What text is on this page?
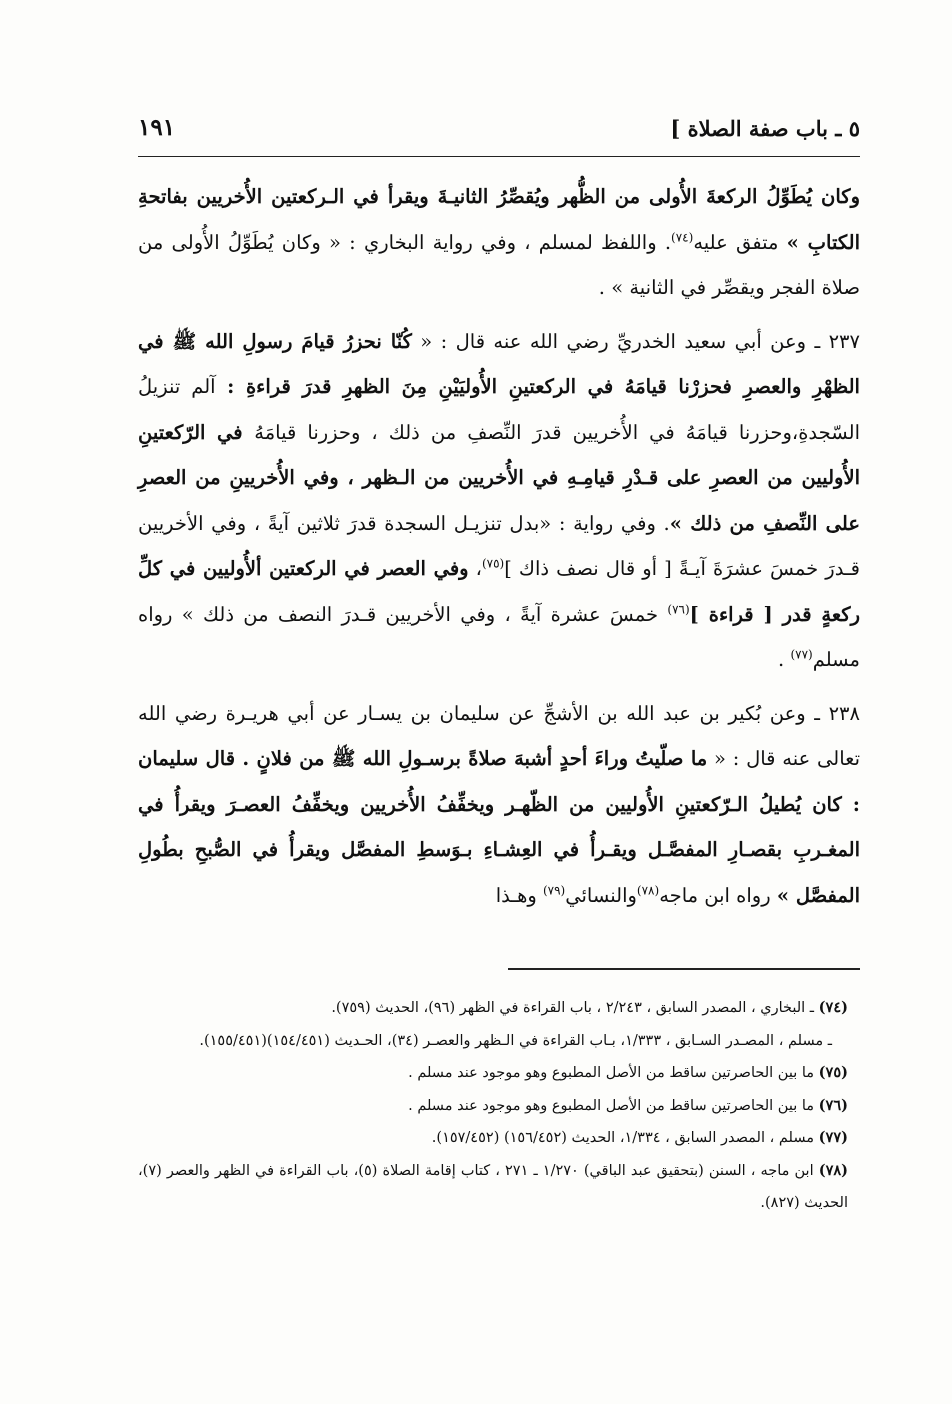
٥ ـ باب صفة الصلاة ]
١٩١

وكان يُطَوِّلُ الركعةَ الأُولى من الظُّهر ويُقصِّرُ الثانيـةَ ويقرأ في الـركعتين الأُخريين بفاتحةِ الكتابِ » متفق عليه$^{(٧٤)}$. واللفظ لمسلم ، وفي رواية البخاري : « وكان يُطَوِّلُ الأُولى من صلاة الفجر ويقصِّر في الثانية » .

٢٣٧ ـ وعن أبي سعيد الخدريِّ رضي الله عنه قال : « كُنّا نحزرُ قيامَ رسولِ الله ﷺ في الظهْرِ والعصرِ فحزرْنا قيامَهُ في الركعتينِ الأُوليَيْنِ مِنَ الظهرِ قدرَ قراءةِ : آلم تنزيلُ السّجدةِ،وحزرنا قيامَهُ في الأُخريين قدرَ النِّصفِ من ذلك ، وحزرنا قيامَهُ في الرّكعتينِ الأُوليين من العصرِ على قـدْرِ قيامِـهِ في الأُخريين من الـظهر ، وفي الأُخريينِ من العصرِ على النِّصفِ من ذلك ». وفي رواية : «بدل تنزيـل السجدة قدرَ ثلاثين آيةً ، وفي الأخريين قـدرَ خمسَ عشرَةَ آيـةً [ أو قال نصف ذاك ]$^{(٧٥)}$، وفي العصر في الركعتين ألأُوليين في كلِّ ركعةٍ قدر [ قراءة ]$^{(٧٦)}$ خمسَ عشرة آيةً ، وفي الأخريين قـدرَ النصف من ذلك » رواه مسلم$^{(٧٧)}$ .

٢٣٨ ـ وعن بُكير بن عبد الله بن الأشجِّ عن سليمان بن يسـار عن أبي هريـرة رضي الله تعالى عنه قال : « ما صلّيتُ وراءَ أحدٍ أشبهَ صلاةً برسـولِ الله ﷺ من فلانٍ . قال سليمان : كان يُطيلُ الـرّكعتينِ الأُوليين من الظّهـر ويخفِّفُ الأُخريين ويخفِّفُ العصـرَ ويقرأُ في المغـربِ بقصـارِ المفصَّـل ويقـرأُ في العِشـاءِ بـوَسطِ المفصَّل ويقرأُ في الصُّبحِ بطُولِ المفصَّل » رواه ابن ماجه$^{(٧٨)}$والنسائي$^{(٧٩)}$ وهـذا

(٧٤) ـ البخاري ، المصدر السابق ، ٢/٢٤٣ ، باب القراءة في الظهر (٩٦)، الحديث (٧٥٩).

ـ مسلم ، المصـدر السـابق ، ١/٣٣٣، بـاب القراءة في الـظهر والعصـر (٣٤)، الحـديث (١٥٤/٤٥١)(١٥٥/٤٥١).

(٧٥) ما بين الحاصرتين ساقط من الأصل المطبوع وهو موجود عند مسلم .

(٧٦) ما بين الحاصرتين ساقط من الأصل المطبوع وهو موجود عند مسلم .

(٧٧) مسلم ، المصدر السابق ، ١/٣٣٤، الحديث (١٥٦/٤٥٢) (١٥٧/٤٥٢).

(٧٨) ابن ماجه ، السنن (بتحقيق عبد الباقي) ١/٢٧٠ ـ ٢٧١ ، كتاب إقامة الصلاة (٥)، باب القراءة في الظهر والعصر (٧)، الحديث (٨٢٧).
